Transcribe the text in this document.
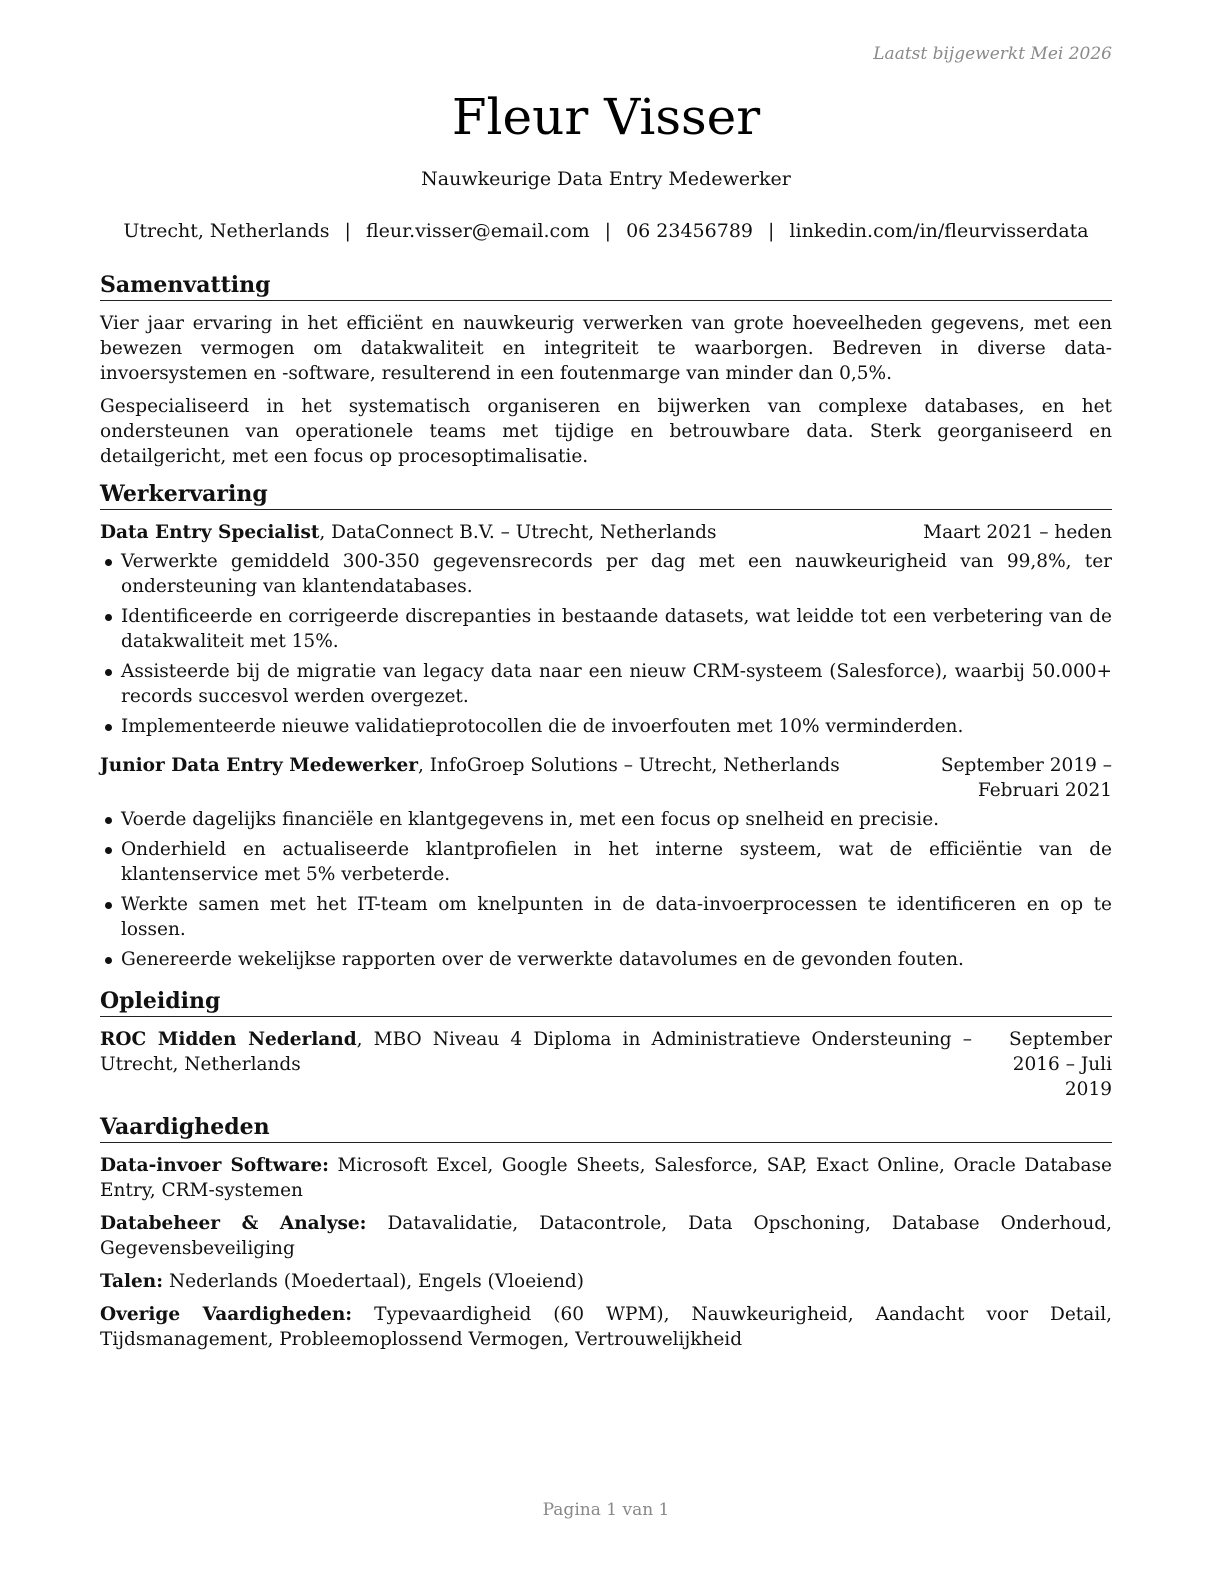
Laatst bijgewerkt Mei 2026
Fleur Visser
Nauwkeurige Data Entry Medewerker
Utrecht, Netherlands | fleur.visser@email.com | 06 23456789 | linkedin.com/in/fleurvisserdata
Samenvatting

Vier jaar ervaring in het efficiënt en nauwkeurig verwerken van grote hoeveelheden gegevens, met een bewezen vermogen om datakwaliteit en integriteit te waarborgen. Bedreven in diverse data-invoersystemen en -software, resulterend in een foutenmarge van minder dan 0,5%.

Gespecialiseerd in het systematisch organiseren en bijwerken van complexe databases, en het ondersteunen van operationele teams met tijdige en betrouwbare data. Sterk georganiseerd en detailgericht, met een focus op procesoptimalisatie.

Werkervaring
Data Entry Specialist, DataConnect B.V. – Utrecht, Netherlands	Maart 2021 – heden
Verwerkte gemiddeld 300-350 gegevensrecords per dag met een nauwkeurigheid van 99,8%, ter ondersteuning van klantendatabases.
Identificeerde en corrigeerde discrepanties in bestaande datasets, wat leidde tot een verbetering van de datakwaliteit met 15%.
Assisteerde bij de migratie van legacy data naar een nieuw CRM-systeem (Salesforce), waarbij 50.000+ records succesvol werden overgezet.
Implementeerde nieuwe validatieprotocollen die de invoerfouten met 10% verminderden.
Junior Data Entry Medewerker, InfoGroep Solutions – Utrecht, Netherlands	September 2019 – Februari 2021
Voerde dagelijks financiële en klantgegevens in, met een focus op snelheid en precisie.
Onderhield en actualiseerde klantprofielen in het interne systeem, wat de efficiëntie van de klantenservice met 5% verbeterde.
Werkte samen met het IT-team om knelpunten in de data-invoerprocessen te identificeren en op te lossen.
Genereerde wekelijkse rapporten over de verwerkte datavolumes en de gevonden fouten.
Opleiding
ROC Midden Nederland, MBO Niveau 4 Diploma in Administratieve Ondersteuning – Utrecht, Netherlands
September 2016 – Juli 2019
Vaardigheden
Data-invoer Software: Microsoft Excel, Google Sheets, Salesforce, SAP, Exact Online, Oracle Database Entry, CRM-systemen
Databeheer & Analyse: Datavalidatie, Datacontrole, Data Opschoning, Database Onderhoud, Gegevensbeveiliging
Talen: Nederlands (Moedertaal), Engels (Vloeiend)
Overige Vaardigheden: Typevaardigheid (60 WPM), Nauwkeurigheid, Aandacht voor Detail, Tijdsmanagement, Probleemoplossend Vermogen, Vertrouwelijkheid
Pagina 1 van 1
